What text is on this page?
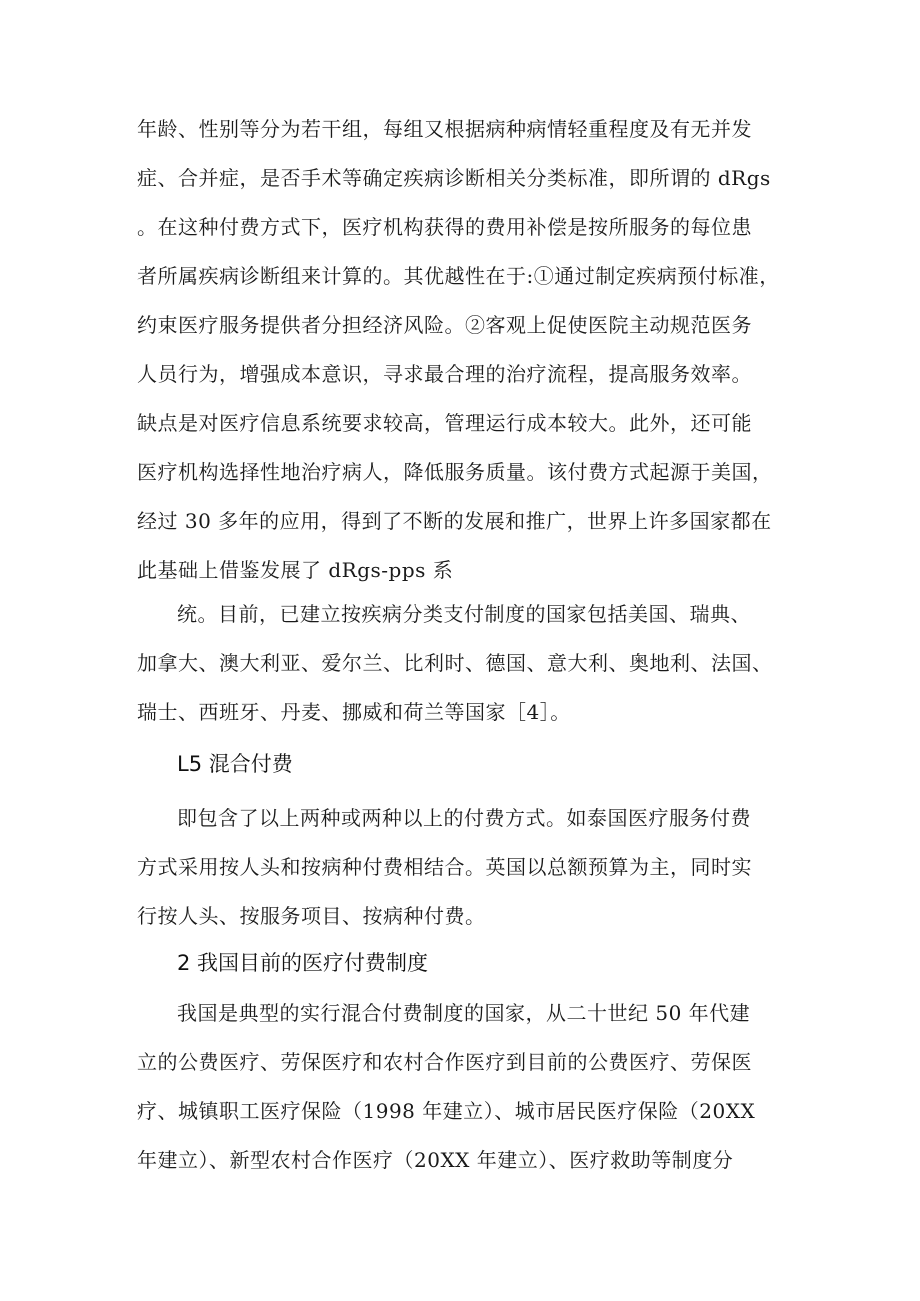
年龄、性别等分为若干组，每组又根据病种病情轻重程度及有无并发
症、合并症，是否手术等确定疾病诊断相关分类标准，即所谓的 dRgs
。在这种付费方式下，医疗机构获得的费用补偿是按所服务的每位患
者所属疾病诊断组来计算的。其优越性在于:①通过制定疾病预付标准，
约束医疗服务提供者分担经济风险。②客观上促使医院主动规范医务
人员行为，增强成本意识，寻求最合理的治疗流程，提高服务效率。
缺点是对医疗信息系统要求较高，管理运行成本较大。此外，还可能
医疗机构选择性地治疗病人，降低服务质量。该付费方式起源于美国，
经过 30 多年的应用，得到了不断的发展和推广，世界上许多国家都在
此基础上借鉴发展了 dRgs-pps 系
统。目前，已建立按疾病分类支付制度的国家包括美国、瑞典、
加拿大、澳大利亚、爱尔兰、比利时、德国、意大利、奥地利、法国、
瑞士、西班牙、丹麦、挪威和荷兰等国家［4］。
L5 混合付费
即包含了以上两种或两种以上的付费方式。如泰国医疗服务付费
方式采用按人头和按病种付费相结合。英国以总额预算为主，同时实
行按人头、按服务项目、按病种付费。
2 我国目前的医疗付费制度
我国是典型的实行混合付费制度的国家，从二十世纪 50 年代建
立的公费医疗、劳保医疗和农村合作医疗到目前的公费医疗、劳保医
疗、城镇职工医疗保险（1998 年建立）、城市居民医疗保险（20XX
年建立）、新型农村合作医疗（20XX 年建立）、医疗救助等制度分
